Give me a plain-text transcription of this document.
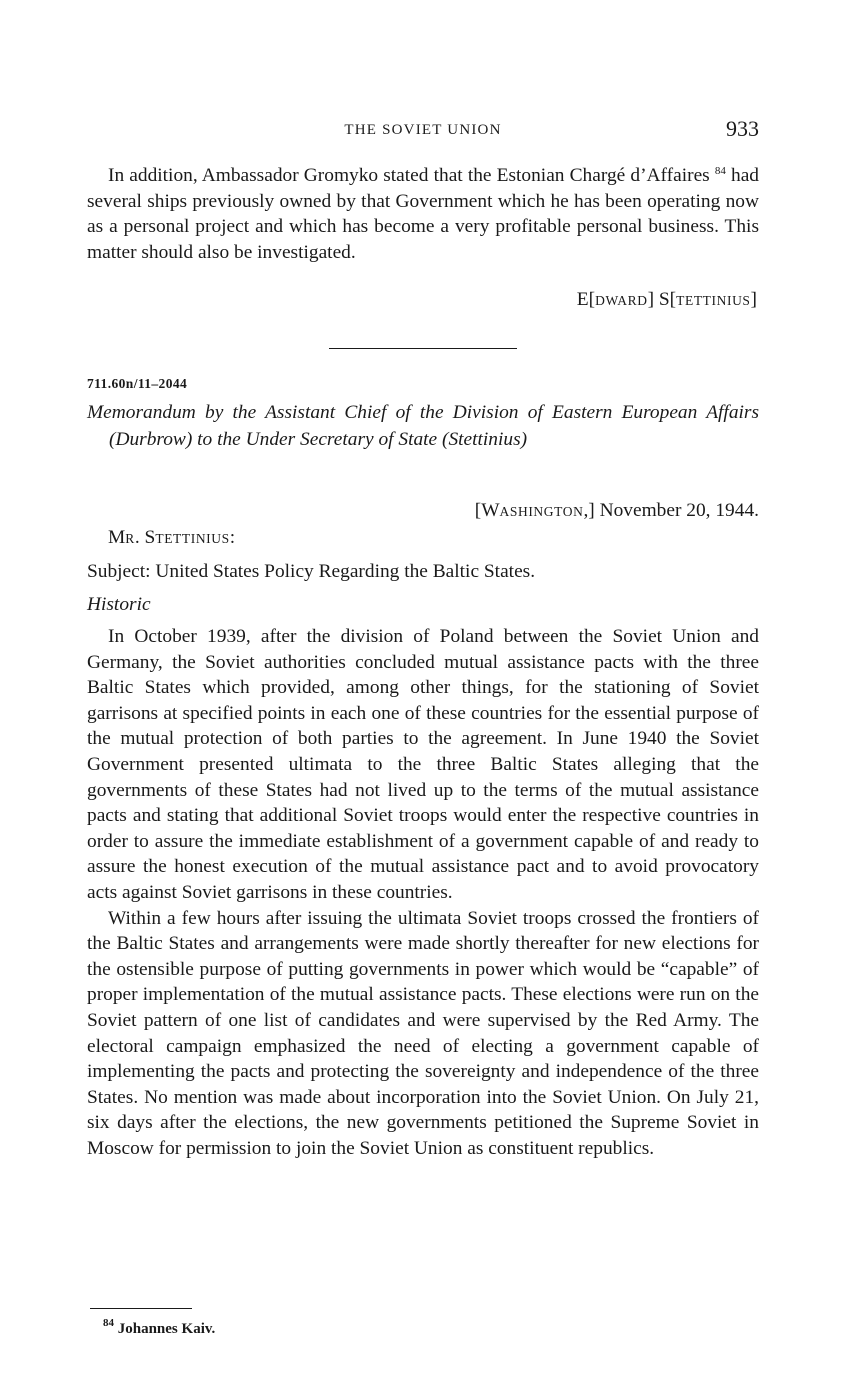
THE SOVIET UNION	933

In addition, Ambassador Gromyko stated that the Estonian Chargé d’Affaires $^{84}$ had several ships previously owned by that Government which he has been operating now as a personal project and which has become a very profitable personal business. This matter should also be investigated.

E[DWARD] S[TETTINIUS]
711.60n/11–2044
Memorandum by the Assistant Chief of the Division of Eastern European Affairs (Durbrow) to the Under Secretary of State (Stettinius)
[WASHINGTON,] November 20, 1944.
MR. STETTINIUS:
Subject: United States Policy Regarding the Baltic States.
Historic

In October 1939, after the division of Poland between the Soviet Union and Germany, the Soviet authorities concluded mutual assistance pacts with the three Baltic States which provided, among other things, for the stationing of Soviet garrisons at specified points in each one of these countries for the essential purpose of the mutual protection of both parties to the agreement. In June 1940 the Soviet Government presented ultimata to the three Baltic States alleging that the governments of these States had not lived up to the terms of the mutual assistance pacts and stating that additional Soviet troops would enter the respective countries in order to assure the immediate establishment of a government capable of and ready to assure the honest execution of the mutual assistance pact and to avoid provocatory acts against Soviet garrisons in these countries.

Within a few hours after issuing the ultimata Soviet troops crossed the frontiers of the Baltic States and arrangements were made shortly thereafter for new elections for the ostensible purpose of putting governments in power which would be “capable” of proper implementation of the mutual assistance pacts. These elections were run on the Soviet pattern of one list of candidates and were supervised by the Red Army. The electoral campaign emphasized the need of electing a government capable of implementing the pacts and protecting the sovereignty and independence of the three States. No mention was made about incorporation into the Soviet Union. On July 21, six days after the elections, the new governments petitioned the Supreme Soviet in Moscow for permission to join the Soviet Union as constituent republics.

$^{84}$ Johannes Kaiv.
